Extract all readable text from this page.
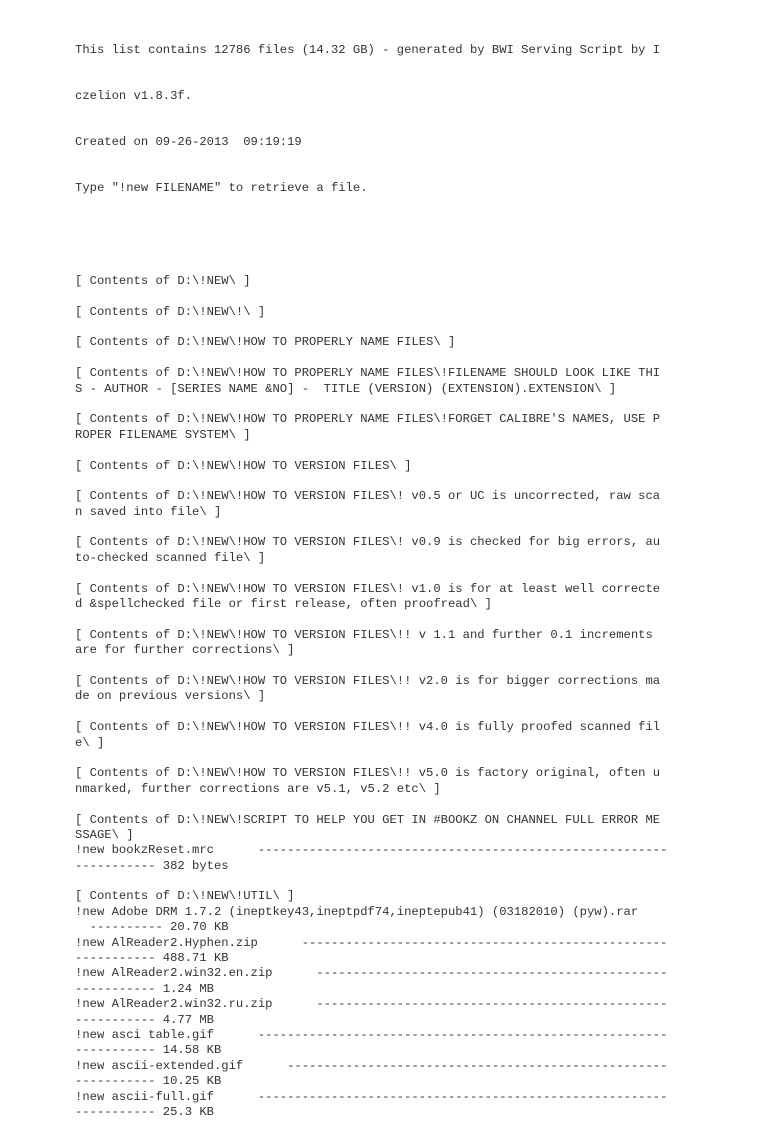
This list contains 12786 files (14.32 GB) - generated by BWI Serving Script by I

czelion v1.8.3f.

Created on 09-26-2013  09:19:19

Type "!new FILENAME" to retrieve a file.

[ Contents of D:\!NEW\ ]
[ Contents of D:\!NEW\!\ ]
[ Contents of D:\!NEW\!HOW TO PROPERLY NAME FILES\ ]
[ Contents of D:\!NEW\!HOW TO PROPERLY NAME FILES\!FILENAME SHOULD LOOK LIKE THI
S - AUTHOR - [SERIES NAME &NO] -  TITLE (VERSION) (EXTENSION).EXTENSION\ ]
[ Contents of D:\!NEW\!HOW TO PROPERLY NAME FILES\!FORGET CALIBRE'S NAMES, USE P
ROPER FILENAME SYSTEM\ ]
[ Contents of D:\!NEW\!HOW TO VERSION FILES\ ]
[ Contents of D:\!NEW\!HOW TO VERSION FILES\! v0.5 or UC is uncorrected, raw sca
n saved into file\ ]
[ Contents of D:\!NEW\!HOW TO VERSION FILES\! v0.9 is checked for big errors, au
to-checked scanned file\ ]
[ Contents of D:\!NEW\!HOW TO VERSION FILES\! v1.0 is for at least well correcte
d &spellchecked file or first release, often proofread\ ]
[ Contents of D:\!NEW\!HOW TO VERSION FILES\!! v 1.1 and further 0.1 increments
are for further corrections\ ]
[ Contents of D:\!NEW\!HOW TO VERSION FILES\!! v2.0 is for bigger corrections ma
de on previous versions\ ]
[ Contents of D:\!NEW\!HOW TO VERSION FILES\!! v4.0 is fully proofed scanned fil
e\ ]
[ Contents of D:\!NEW\!HOW TO VERSION FILES\!! v5.0 is factory original, often u
nmarked, further corrections are v5.1, v5.2 etc\ ]
[ Contents of D:\!NEW\!SCRIPT TO HELP YOU GET IN #BOOKZ ON CHANNEL FULL ERROR ME
SSAGE\ ]
!new bookzReset.mrc      --------------------------------------------------------
----------- 382 bytes
[ Contents of D:\!NEW\!UTIL\ ]
!new Adobe DRM 1.7.2 (ineptkey43,ineptpdf74,ineptepub41) (03182010) (pyw).rar
---------- 20.70 KB
!new AlReader2.Hyphen.zip      --------------------------------------------------
----------- 488.71 KB
!new AlReader2.win32.en.zip      ------------------------------------------------
----------- 1.24 MB
!new AlReader2.win32.ru.zip      ------------------------------------------------
----------- 4.77 MB
!new asci table.gif      --------------------------------------------------------
----------- 14.58 KB
!new ascii-extended.gif      ----------------------------------------------------
----------- 10.25 KB
!new ascii-full.gif      --------------------------------------------------------
----------- 25.3 KB
